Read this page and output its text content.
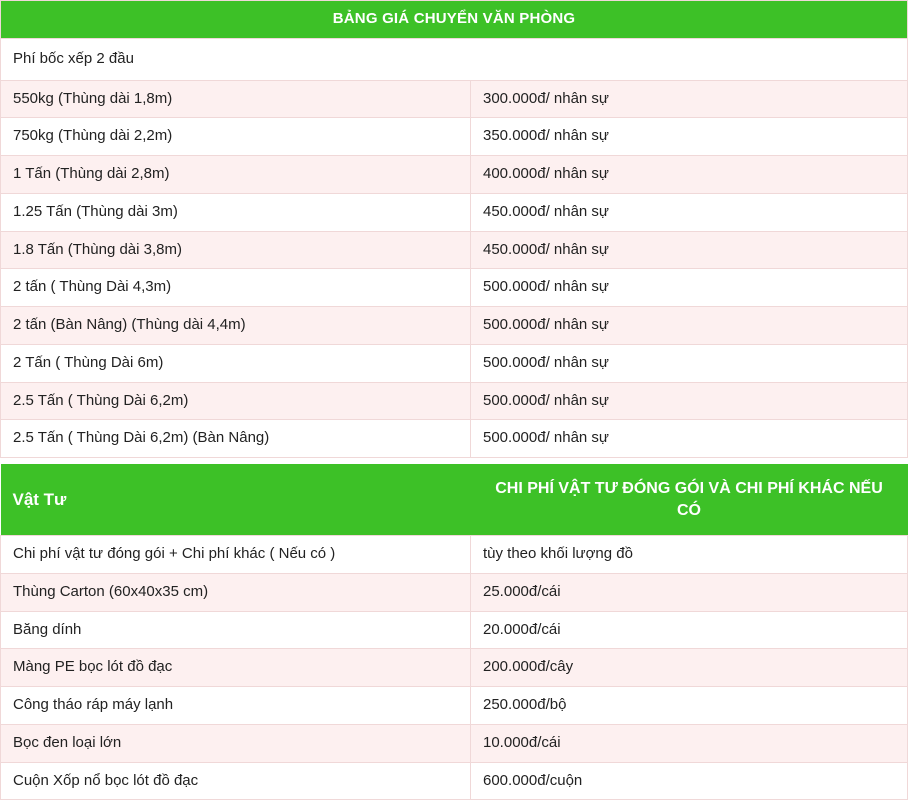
BẢNG GIÁ CHUYỂN VĂN PHÒNG	
Phí bốc xếp 2 đầu	
550kg (Thùng dài 1,8m)	300.000đ/ nhân sự
750kg (Thùng dài 2,2m)	350.000đ/ nhân sự
1 Tấn (Thùng dài 2,8m)	400.000đ/ nhân sự
1.25 Tấn (Thùng dài 3m)	450.000đ/ nhân sự
1.8 Tấn (Thùng dài 3,8m)	450.000đ/ nhân sự
2 tấn ( Thùng Dài 4,3m)	500.000đ/ nhân sự
2 tấn (Bàn Nâng) (Thùng dài 4,4m)	500.000đ/ nhân sự
2 Tấn ( Thùng Dài 6m)	500.000đ/ nhân sự
2.5 Tấn ( Thùng Dài 6,2m)	500.000đ/ nhân sự
2.5 Tấn ( Thùng Dài 6,2m) (Bàn Nâng)	500.000đ/ nhân sự
Vật Tư	CHI PHÍ VẬT TƯ ĐÓNG GÓI VÀ CHI PHÍ KHÁC NẾU CÓ
Chi phí vật tư đóng gói + Chi phí khác ( Nếu có )	tùy theo khối lượng đồ
Thùng Carton (60x40x35 cm)	25.000đ/cái
Băng dính	20.000đ/cái
Màng PE bọc lót đồ đạc	200.000đ/cây
Công tháo ráp máy lạnh	250.000đ/bộ
Bọc đen loại lớn	10.000đ/cái
Cuộn Xốp nổ bọc lót đồ đạc	600.000đ/cuộn
